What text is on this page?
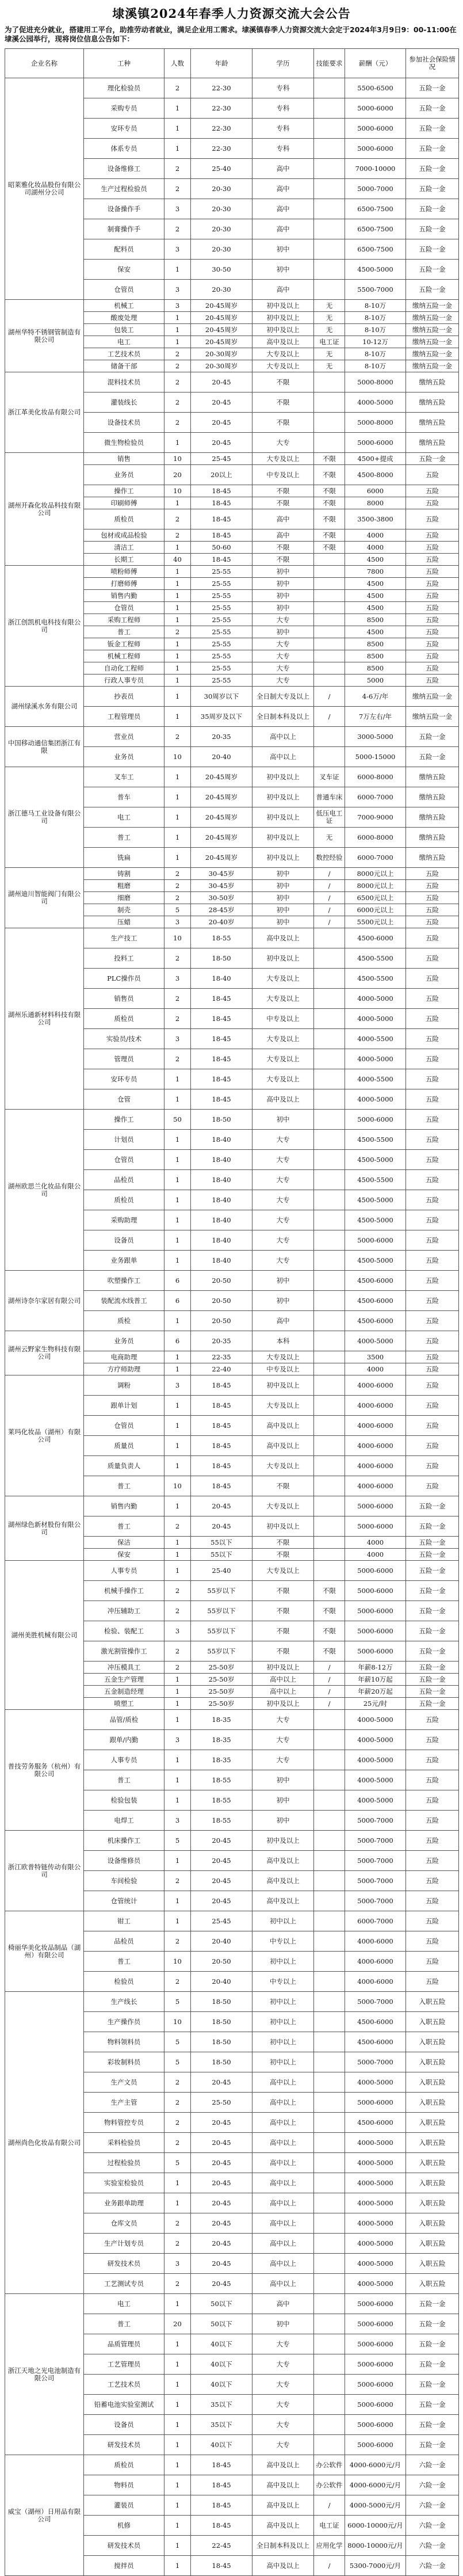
埭溪镇2024年春季人力资源交流大会公告
为了促进充分就业，搭建用工平台，助推劳动者就业，满足企业用工需求。埭溪镇春季人力资源交流大会定于2024年3月9日9：00-11:00在埭溪公园举行，现将岗位信息公告如下：
企业名称	工种	人数	年龄	学历	技能要求	薪酬（元）	参加社会保险情况
昭莱雅化妆品股份有限公司湖州分公司	理化检验员	2	22-30	专科		5500-6500	五险一金
	采购专员	1	22-30	专科		5000-6000	五险一金
	安环专员	1	22-30	专科		5000-6000	五险一金
	体系专员	1	22-30	专科		5000-6000	五险一金
	设备维修工	2	25-40	高中		7000-10000	五险一金
	生产过程检验员	2	20-30	高中		5000-7000	五险一金
	设备操作手	3	20-30	高中		6500-7500	五险一金
	制膏操作手	2	20-30	高中		6500-7500	五险一金
	配料员	3	20-30	初中		6500-7500	五险一金
	保安	1	30-50	初中		4500-5000	五险一金
	仓管员	3	20-30	高中		5500-7000	五险一金
湖州华特不锈钢管制造有限公司	机械工	3	20-45周岁	初中及以上	无	8-10万	缴纳五险一金
	酸废处理	1	20-45周岁	初中及以上	无	8-10万	缴纳五险一金
	包装工	1	20-45周岁	初中及以上	无	8-10万	缴纳五险一金
	电工	1	20-45周岁	高中及以上	电工证	10-12万	缴纳五险一金
	工艺技术员	2	20-30周岁	大专及以上	无	8-10万	缴纳五险一金
	储备干部	2	20-30周岁	大专及以上	无	8-10万	缴纳五险一金
浙江革美化妆品有限公司	混料技术员	2	20-45	不限		5000-8000	缴纳五险
	灌装线长	2	20-45	不限		4000-5000	缴纳五险
	设备技术员	2	20-45	不限		5000-8000	缴纳五险
	微生物检验员	1	20-45	大专		5000-6000	缴纳五险
湖州开森化妆品科技有限公司	销售	10	25-45	大专及以上	不限	4500+提成	五险一金
	业务员	20	20以上	中专及以上	不限	4500-8000	五险
	操作工	10	18-45	不限	不限	6000	五险
	印刷师傅	1	18-45	不限	不限	8000	五险
	质检员	2	18-45	高中	不限	3500-3800	五险
	包材或成品检验	2	18-45	高中	不限	4000	五险
	清洁工	1	50-60	不限	不限	4000	五险
	长期工	40	18-45	不限		4500	五险
浙江创凯机电科技有限公司	喷粉师傅	1	25-55	初中		7800	五险
	打磨师傅	1	25-55	初中		4500	五险
	销售内勤	1	25-55	初中		4500	五险
	仓管员	1	25-55	初中		4500	五险
	采购工程师	1	25-55	大专		8500	五险
	普工	2	25-55	初中		4500	五险
	钣金工程师	1	25-55	大专		8500	五险
	机械工程师	1	25-55	大专		8500	五险
	自动化工程师	1	25-55	大专		8500	五险
	行政人事专员	1	25-55	大专		5000	五险
湖州绿溪水务有限公司	抄表员	1	30周岁以下	全日制大专及以上	/	4-6万/年	缴纳五险一金
	工程管理员	1	35周岁及以下	全日制本科及以上	/	7万左右/年	缴纳五险一金
中国移动通信集团浙江有限	营业员	2	20-35	高中以上		3000-5000	五险一金
	业务员	10	20-40	高中以上		5000-15000	五险一金
浙江德马工业设备有限公司	叉车工	1	20-45周岁	初中及以上	叉车证	6000-8000	缴纳五险
	普车	1	20-45周岁	初中及以上	普通车床	6000-7000	缴纳五险
	电工	1	20-45周岁	初中及以上	低压电工证	7000-9000	缴纳五险
	普工	1	20-45周岁	初中及以上	无	6000-8000	缴纳五险
	铣扁	1	20-45周岁	初中及以上	数控经验	6000-7000	缴纳五险
湖州迪川智能阀门有限公司	铸割	2	30-45岁	初中	/	8000元以上	五险
	粗磨	2	30-45岁	初中	/	8000元以上	五险
	细磨	2	30-50岁	初中	/	6500元以上	五险
	制壳	5	28-45岁	初中	/	6000元以上	五险
	压蜡	3	20-40岁	初中	/	5500元以上	五险
湖州乐通新材料科技有限公司	生产技工	10	18-55	高中及以上		4500-6000	五险
	投料工	2	18-50	初中及以上		4500-5500	五险
	PLC操作员	3	18-40	大专及以上		4500-5500	五险
	销售员	2	18-45	大专及以上		4000-5000	五险
	质检员	2	18-45	中专及以上		4000-5000	五险
	实验员/技术	3	18-45	大专及以上		4000-5500	五险
	管理员	2	18-45	大专及以上		4000-5000	五险
	安环专员	1	18-45	大专及以上		4000-5500	五险
	仓管	1	18-45	高中及以上		4000-5000	五险
湖州欧思兰化妆品有限公司	操作工	50	18-50	初中		5000-6000	五险
	计划员	1	18-40	大专		4500-5500	五险
	仓管员	1	18-40	大专		4500-5000	五险
	品检员	1	18-40	大专		4500-5500	五险
	质检员	1	18-40	大专		4500-5000	五险
	采购助理	1	18-40	大专		4500-5000	五险
	设备员	1	18-40	大专		5000-6000	五险
	业务跟单	1	18-40	大专		4500-5000	五险
湖州诗奈尔家居有限公司	吹塑操作工	6	20-50	初中		4500-6000	五险
	装配流水线普工	6	20-50	初中		4500-6000	五险
	质检	1	20-50	高中		4500-6000	五险
湖州云野家生物科技有限公司	业务员	6	20-35	本科		4000-5000	五险
	电商助理	1	22-35	大专及以上		3500	五险
	方疗师助理	1	22-40	中专及以上		4000	五险
莱玛化妆品（湖州）有限公司	调粉	3	18-45	初中及以上		4000-6000	五险
	跟单计划	1	18-45	大专及以上		4000-6000	五险
	仓管员	1	18-45	高中及以上		4000-6000	五险
	质量员	1	18-45	高中及以上		4000-6000	五险
	质量负责人	1	18-45	大专及以上		4000-6000	五险
	普工	10	18-45	不限		4000-6000	五险
湖州绿色新材股份有限公司	销售内勤	1	20-45	大专及以上		5000-6000	五险一金
	普工	2	20-45	初中及以上		5000-6000	五险一金
	保洁	1	55以下	不限		4000	五险一金
	保安	1	55以下	不限		4000	五险一金
湖州美胜机械有限公司	人事专员	1	25-40	大专及以上		5000-6000	五险一金
	机械手操作工	2	55岁以下	不限	不限	5000-6000	五险一金
	冲压辅助工	2	55岁以下	不限	不限	5000-6000	五险一金
	检验、装配工	3	55岁以下	不限	不限	5000-6000	五险一金
	激光割管操作工	2	55岁以下	不限	不限	5000-6000	五险一金
	冲压模具工	2	25-50岁	初中及以上	/	年薪8-12万	五险一金
	五金生产管理	1	25-50岁	高中以上	/	年薪10万起	五险一金
	五金制造经理	1	25-50岁	高中以上	/	年薪20万起	五险一金
	喷塑工	1	25-50岁	初中及以上	/	25元/时	五险一金
普技劳务服务（杭州）有限公司	品管/质检	1	18-35	大专		4000-5000	五险
	跟单/内勤	3	18-35	大专		4000-5000	五险
	人事专员	1	18-35	大专		4000-5000	五险
	普工	1	18-55	初中		4000-5000	五险
	检验包装	1	18-55	初中		4000-5000	五险
	电焊工	3	18-55	初中		5000-7000	五险
浙江欧普特链传动有限公司	机床操作工	5	20-45	初中及以上		5000-7000	五险
	设备维修员	1	20-45	高中及以上		5000-7000	五险
	车间检验	2	20-45	高中及以上		5000-7000	五险
	仓管统计	1	20-45	高中及以上		5000-7000	五险
椅丽华美化妆品制品（湖州）有限公司	钳工	1	25-45	初中以上		6000-7000	五险
	品检员	2	20-40	中专以上		4000-6000	五险
	普工	10	20-50	初中以上		4000-6000	五险
	检验员	2	20-40	中专以上		4000-6000	五险
湖州尚色化妆品有限公司	生产线长	5	18-50	初中以上		5000-7000	入职五险
	生产操作员	10	18-50	初中以上		4500-6000	入职五险
	物料领料员	5	18-50	初中以上		4500-6000	入职五险
	彩妆制料员	5	18-50	初中以上		5000-7000	入职五险
	生产文员	2	20-45	高中以上		4000-5000	入职五险
	生产主管	2	25-50	高中以上		5000-6000	入职五险
	物料管控专员	2	20-45	高中以上		4500-6000	入职五险
	采料检验员	2	20-45	高中以上		4000-5000	入职五险
	过程检验员	5	20-45	高中以上		4000-5000	入职五险
	实验室检验员	1	20-45	高中以上		4000-5000	入职五险
	业务跟单助理	1	20-45	高中以上		4000-5000	入职五险
	仓库文员	2	20-45	高中以上		4000-5000	入职五险
	生产计划专员	2	20-45	高中以上		4000-5000	入职五险
	研发技术员	3	20-45	高中以上		4000-5000	入职五险
	工艺测试专员	2	20-45	高中以上		4000-5000	入职五险
浙江天地之光电池制造有限公司	电工	1	50以下	高中		5000-6000	五险一金
	普工	20	50以下	初中		5000-6000	五险一金
	品质管理员	1	40以下	大专		5000-6000	五险一金
	工艺管理员	1	40以下	大专		5000-6000	五险一金
	工艺技术员	1	40以下	大专		5000-6000	五险一金
	铅蓄电池实验室测试	1	35以下	大专		5000-6000	五险一金
	设备员	1	35以下	大专		5000-6000	五险一金
	研发技术员	1	40以下	大专		5000-6000	五险一金
威宝（湖州）日用品有限公司	质检员	1	18-45	高中及以上	办公软件	4000-6000元/月	六险一金
	物料员	1	18-45	高中及以上	办公软件	4000-6000元/月	六险一金
	灌装员	1	18-45	高中及以上	/	4000-5000元/月	六险一金
	机修	1	18-45	高中及以上	电工证	6000-10000元/月	六险一金
	研发技术员	1	22-45	全日制本科及以上	应用化学	8000-10000元/月	六险一金
	搅拌员	1	18-45	高中及以上	/	5300-7000元/月	六险一金
